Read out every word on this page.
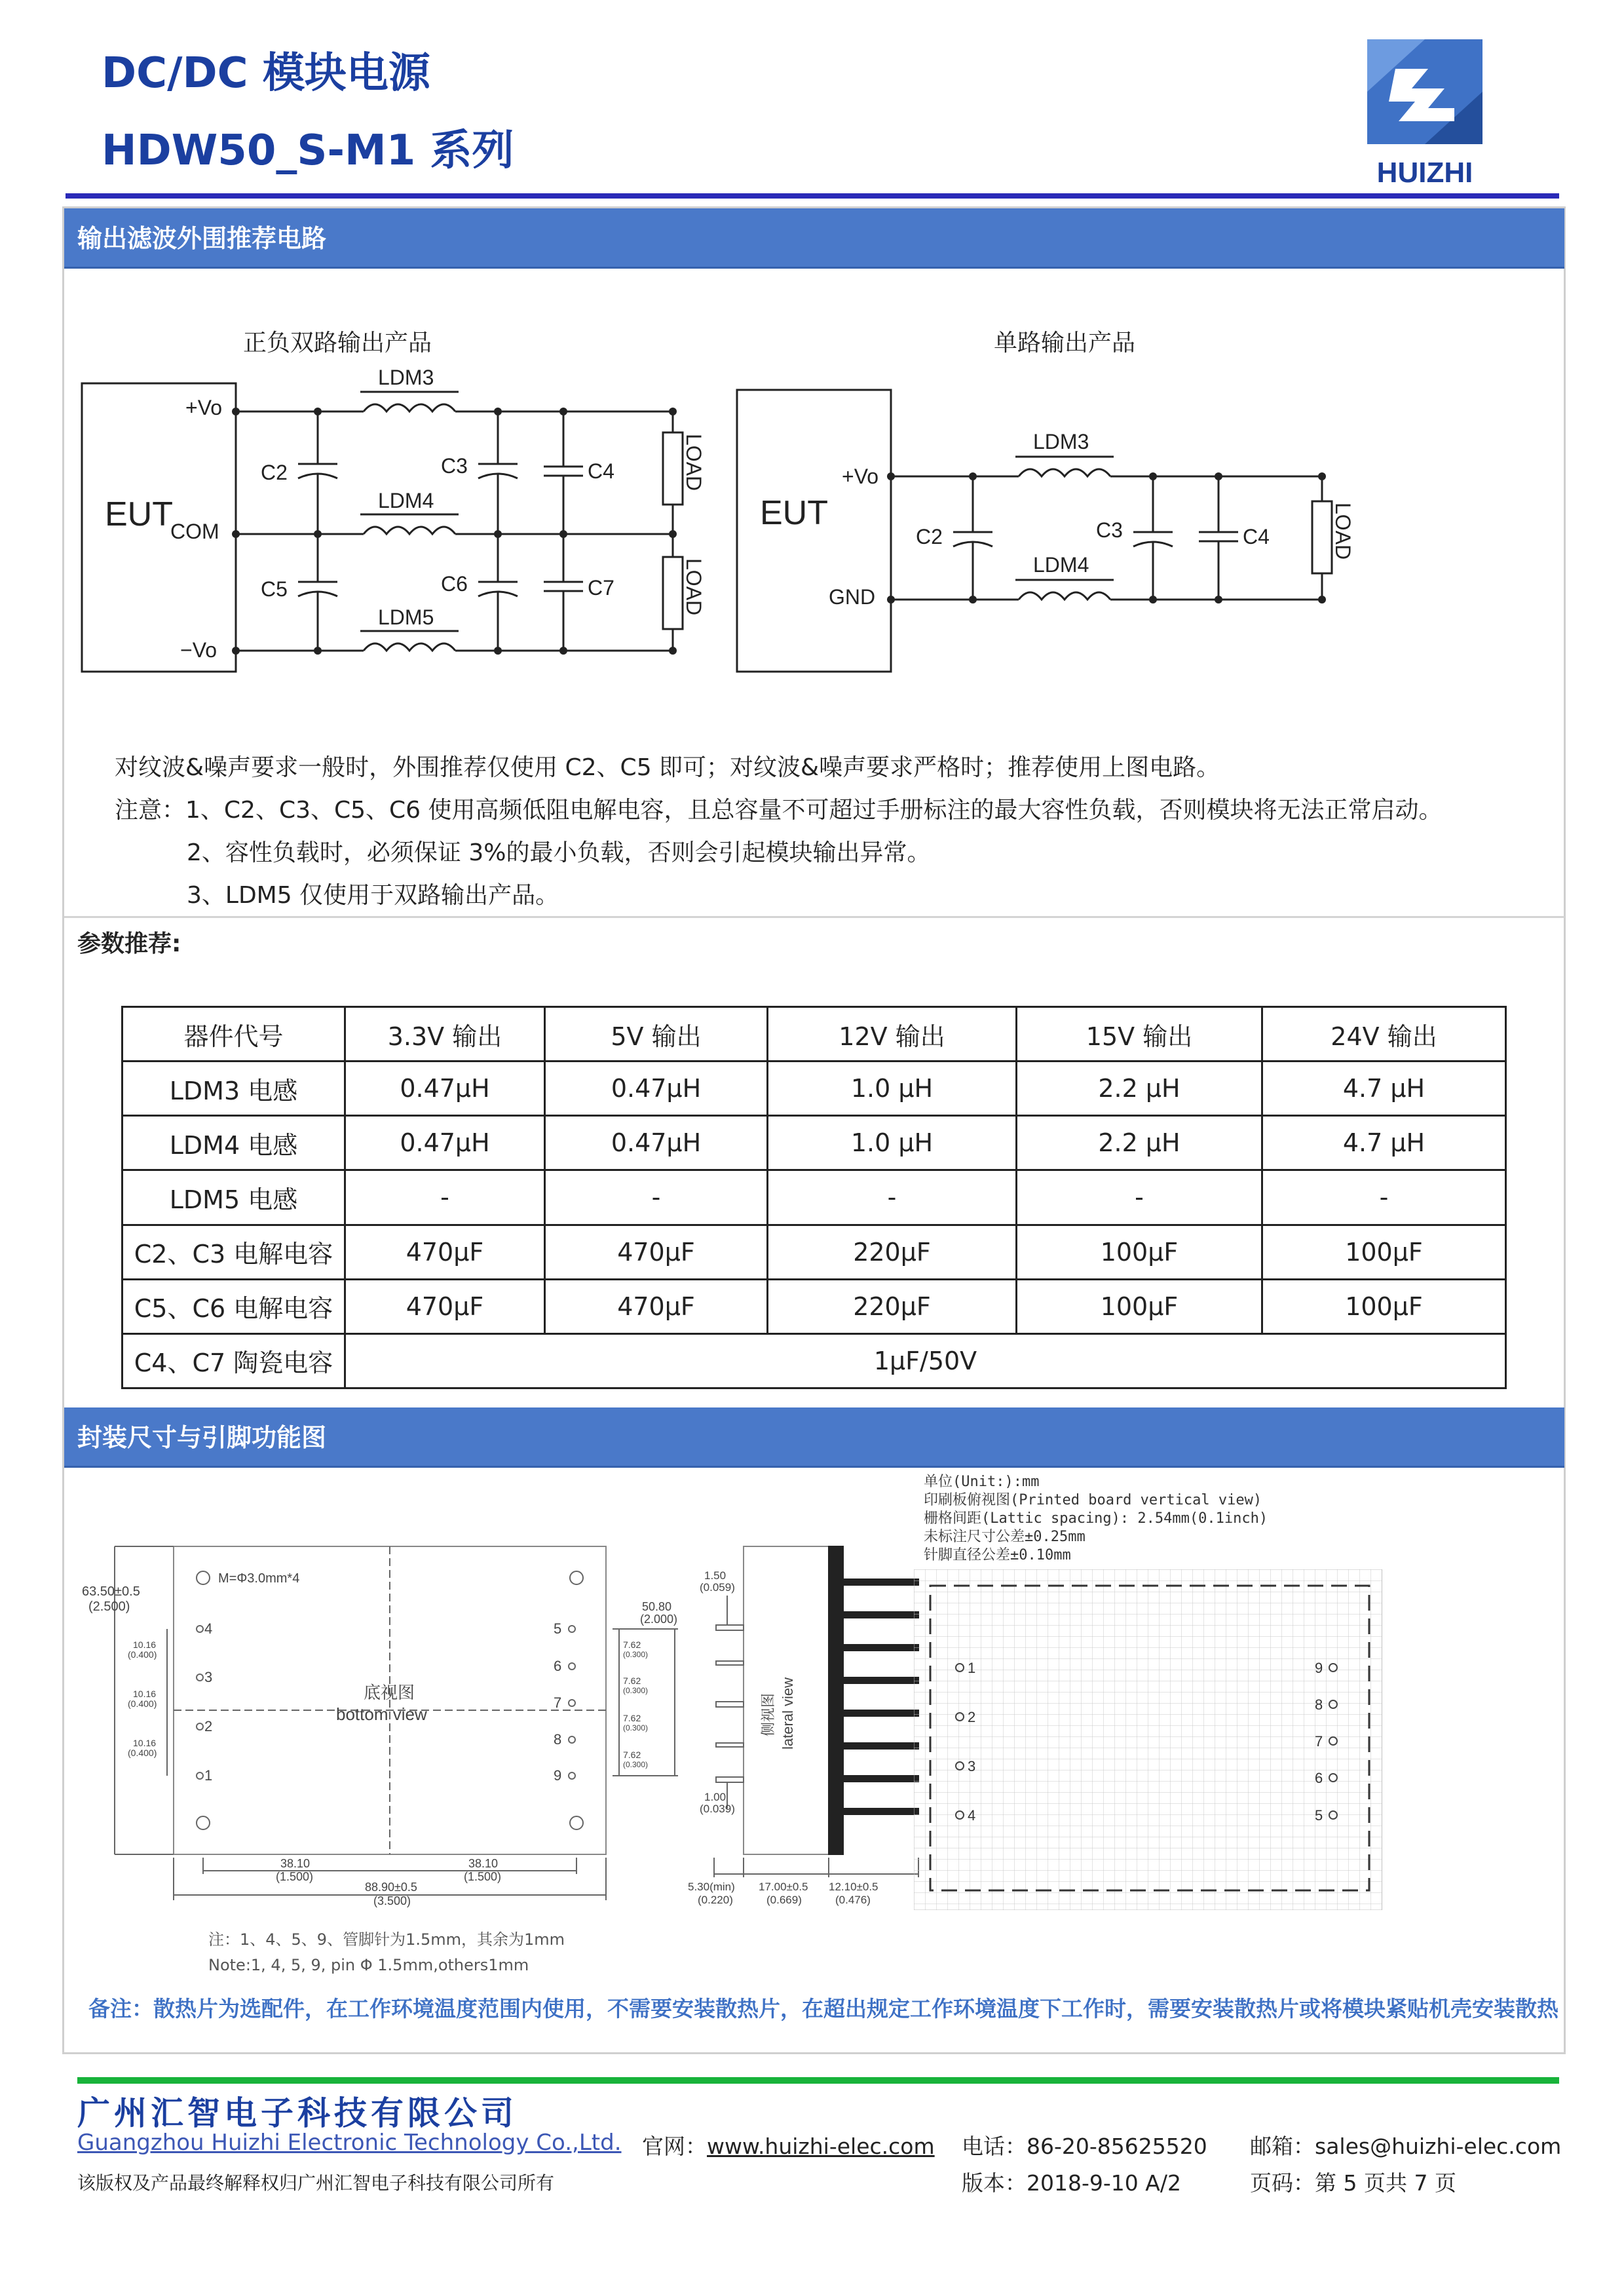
DC/DC 模块电源
HDW50_S-M1 系列	HUIZHI
输出滤波外围推荐电路
正负双路输出产品
EUT
COM
+Vo
−Vo
LDM3
LDM4
LDM5
C2
C5
C3
C6
C4
C7
LOAD
LOAD
单路输出产品
EUT
+Vo
GND
LDM3
LDM4
C2	C3	C4	LOAD
对纹波&噪声要求一般时，外围推荐仅使用 C2、C5 即可；对纹波&噪声要求严格时；推荐使用上图电路。
注意：1、C2、C3、C5、C6 使用高频低阻电解电容，且总容量不可超过手册标注的最大容性负载，否则模块将无法正常启动。
2、容性负载时，必须保证 3%的最小负载，否则会引起模块输出异常。
3、LDM5 仅使用于双路输出产品。
参数推荐:
器件代号	3.3V 输出	5V 输出	12V 输出	15V 输出	24V 输出
LDM3 电感	0.47μH	0.47μH	1.0 μH	2.2 μH	4.7 μH
LDM4 电感	0.47μH	0.47μH	1.0 μH	2.2 μH	4.7 μH
LDM5 电感	-	-	-	-	-
C2、C3 电解电容	470μF	470μF	220μF	100μF	100μF
C5、C6 电解电容	470μF	470μF	220μF	100μF	100μF
C4、C7 陶瓷电容	1μF/50V				
封装尺寸与引脚功能图
单位(Unit:):mm
印刷板俯视图(Printed board vertical view)
栅格间距(Lattic spacing): 2.54mm(0.1inch)
未标注尺寸公差±0.25mm
针脚直径公差±0.10mm
M=Φ3.0mm*4
底视图
bottom view
4
3
2
1
5
6
7
8
9
63.50±0.5
(2.500)
10.16
(0.400)
10.16
(0.400)
10.16
(0.400)
50.80
(2.000)
7.62
(0.300)
7.62
(0.300)
7.62
(0.300)
7.62
(0.300)
38.10
(1.500)
38.10
(1.500)
88.90±0.5
(3.500)
侧视图 lateral view
1.50
(0.059)
1.00
(0.039)
5.30(min)
(0.220)
17.00±0.5
(0.669)
12.10±0.5
(0.476)
1
2
3
4
9
8
7
6
5
注：1、4、5、9、管脚针为1.5mm，其余为1mm
Note:1, 4, 5, 9, pin Φ 1.5mm,others1mm
备注：散热片为选配件，在工作环境温度范围内使用，不需要安装散热片，在超出规定工作环境温度下工作时，需要安装散热片或将模块紧贴机壳安装散热
广州汇智电子科技有限公司
Guangzhou Huizhi Electronic Technology Co.,Ltd. 官网：www.huizhi-elec.com 电话：86-20-85625520 邮箱：sales@huizhi-elec.com
该版权及产品最终解释权归广州汇智电子科技有限公司所有	版本：2018-9-10 A/2	页码：第 5 页共 7 页
